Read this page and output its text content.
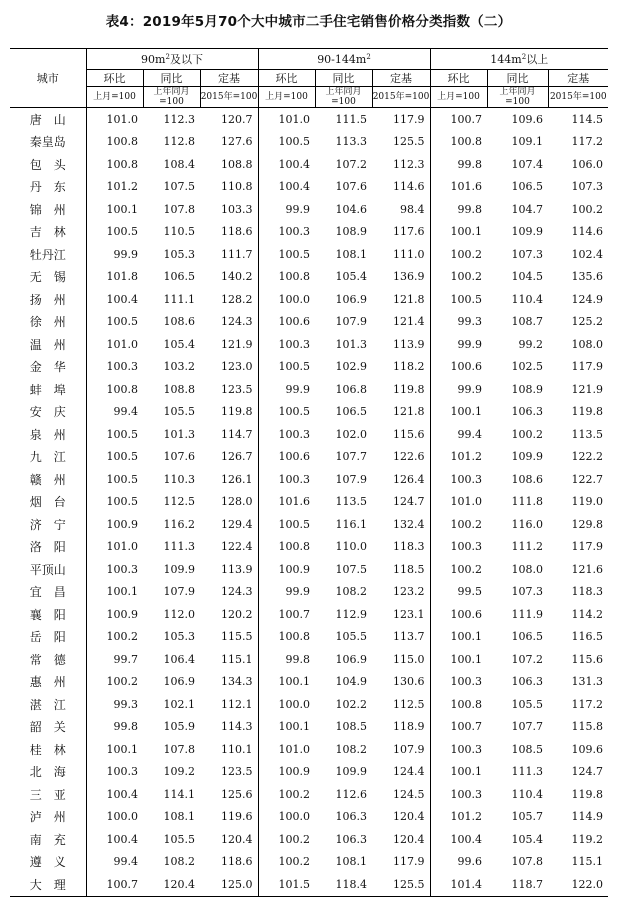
表4：2019年5月70个大中城市二手住宅销售价格分类指数（二）
城市	$90m^2$及以下			$90-144m^2$			$144m^2$以上		
	环比	同比	定基	环比	同比	定基	环比	同比	定基
	上月=100	上年同月=100	2015年=100	上月=100	上年同月=100	2015年=100	上月=100	上年同月=100	2015年=100
唐　山	101.0	112.3	120.7	101.0	111.5	117.9	100.7	109.6	114.5
秦皇岛	100.8	112.8	127.6	100.5	113.3	125.5	100.8	109.1	117.2
包　头	100.8	108.4	108.8	100.4	107.2	112.3	99.8	107.4	106.0
丹　东	101.2	107.5	110.8	100.4	107.6	114.6	101.6	106.5	107.3
锦　州	100.1	107.8	103.3	99.9	104.6	98.4	99.8	104.7	100.2
吉　林	100.5	110.5	118.6	100.3	108.9	117.6	100.1	109.9	114.6
牡丹江	99.9	105.3	111.7	100.5	108.1	111.0	100.2	107.3	102.4
无　锡	101.8	106.5	140.2	100.8	105.4	136.9	100.2	104.5	135.6
扬　州	100.4	111.1	128.2	100.0	106.9	121.8	100.5	110.4	124.9
徐　州	100.5	108.6	124.3	100.6	107.9	121.4	99.3	108.7	125.2
温　州	101.0	105.4	121.9	100.3	101.3	113.9	99.9	99.2	108.0
金　华	100.3	103.2	123.0	100.5	102.9	118.2	100.6	102.5	117.9
蚌　埠	100.8	108.8	123.5	99.9	106.8	119.8	99.9	108.9	121.9
安　庆	99.4	105.5	119.8	100.5	106.5	121.8	100.1	106.3	119.8
泉　州	100.5	101.3	114.7	100.3	102.0	115.6	99.4	100.2	113.5
九　江	100.5	107.6	126.7	100.6	107.7	122.6	101.2	109.9	122.2
赣　州	100.5	110.3	126.1	100.3	107.9	126.4	100.3	108.6	122.7
烟　台	100.5	112.5	128.0	101.6	113.5	124.7	101.0	111.8	119.0
济　宁	100.9	116.2	129.4	100.5	116.1	132.4	100.2	116.0	129.8
洛　阳	101.0	111.3	122.4	100.8	110.0	118.3	100.3	111.2	117.9
平顶山	100.3	109.9	113.9	100.9	107.5	118.5	100.2	108.0	121.6
宜　昌	100.1	107.9	124.3	99.9	108.2	123.2	99.5	107.3	118.3
襄　阳	100.9	112.0	120.2	100.7	112.9	123.1	100.6	111.9	114.2
岳　阳	100.2	105.3	115.5	100.8	105.5	113.7	100.1	106.5	116.5
常　德	99.7	106.4	115.1	99.8	106.9	115.0	100.1	107.2	115.6
惠　州	100.2	106.9	134.3	100.1	104.9	130.6	100.3	106.3	131.3
湛　江	99.3	102.1	112.1	100.0	102.2	112.5	100.8	105.5	117.2
韶　关	99.8	105.9	114.3	100.1	108.5	118.9	100.7	107.7	115.8
桂　林	100.1	107.8	110.1	101.0	108.2	107.9	100.3	108.5	109.6
北　海	100.3	109.2	123.5	100.9	109.9	124.4	100.1	111.3	124.7
三　亚	100.4	114.1	125.6	100.2	112.6	124.5	100.3	110.4	119.8
泸　州	100.0	108.1	119.6	100.0	106.3	120.4	101.2	105.7	114.9
南　充	100.4	105.5	120.4	100.2	106.3	120.4	100.4	105.4	119.2
遵　义	99.4	108.2	118.6	100.2	108.1	117.9	99.6	107.8	115.1
大　理	100.7	120.4	125.0	101.5	118.4	125.5	101.4	118.7	122.0
